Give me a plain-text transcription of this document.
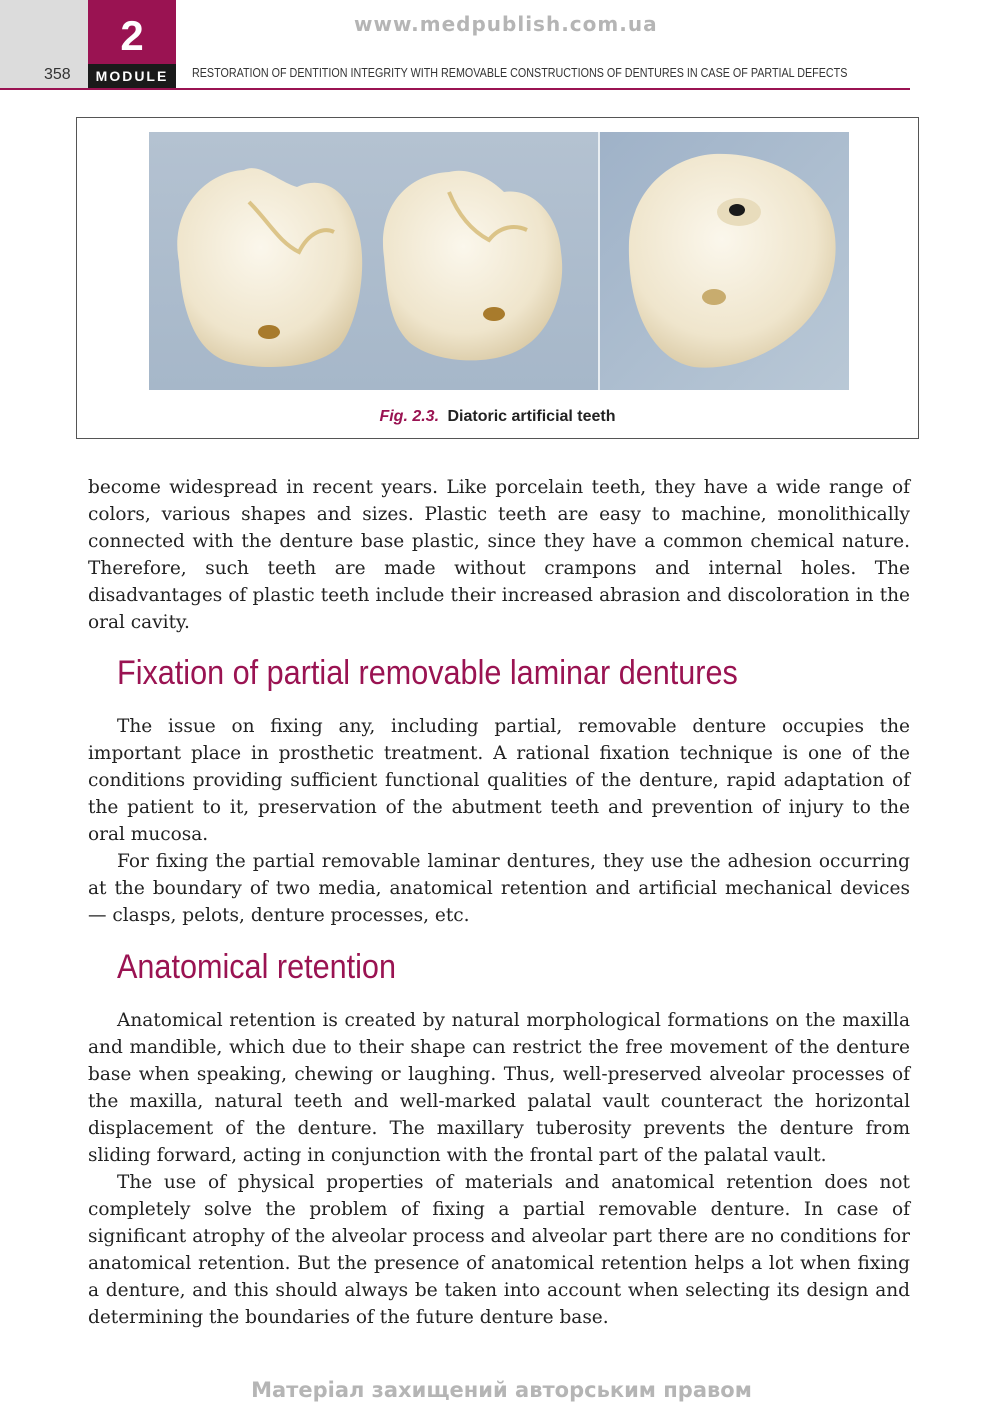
358
2
MODULE
www.medpublish.com.ua
RESTORATION OF DENTITION INTEGRITY WITH REMOVABLE CONSTRUCTIONS OF DENTURES IN CASE OF PARTIAL DEFECTS
Fig. 2.3. Diatoric artificial teeth

become widespread in recent years. Like porcelain teeth, they have a wide range of colors, various shapes and sizes. Plastic teeth are easy to machine, monolithically connected with the denture base plastic, since they have a common chemical nature. Therefore, such teeth are made without crampons and internal holes. The disadvantages of plastic teeth include their increased abrasion and discoloration in the oral cavity.

Fixation of partial removable laminar dentures

The issue on fixing any, including partial, removable denture occupies the important place in prosthetic treatment. A rational fixation technique is one of the conditions providing sufficient functional qualities of the denture, rapid adaptation of the patient to it, preservation of the abutment teeth and prevention of injury to the oral mucosa.

For fixing the partial removable laminar dentures, they use the adhesion occurring at the boundary of two media, anatomical retention and artificial mechanical devices — clasps, pelots, denture processes, etc.

Anatomical retention

Anatomical retention is created by natural morphological formations on the maxilla and mandible, which due to their shape can restrict the free movement of the denture base when speaking, chewing or laughing. Thus, well-preserved alveolar processes of the maxilla, natural teeth and well-marked palatal vault counteract the horizontal displacement of the denture. The maxillary tuberosity prevents the denture from sliding forward, acting in conjunction with the frontal part of the palatal vault.

The use of physical properties of materials and anatomical retention does not completely solve the problem of fixing a partial removable denture. In case of significant atrophy of the alveolar process and alveolar part there are no conditions for anatomical retention. But the presence of anatomical retention helps a lot when fixing a denture, and this should always be taken into account when selecting its design and determining the boundaries of the future denture base.

Матеріал захищений авторським правом
